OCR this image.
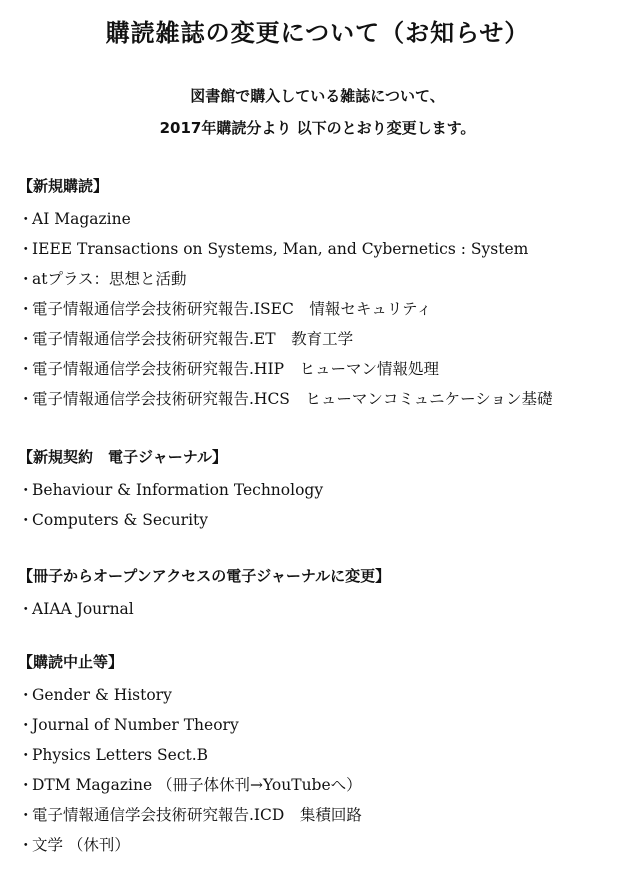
購読雑誌の変更について（お知らせ）
図書館で購入している雑誌について、
2017年購読分より 以下のとおり変更します。
【新規購読】
・
AI Magazine
・
IEEE Transactions on Systems, Man, and Cybernetics : System
・
atプラス：思想と活動
・
電子情報通信学会技術研究報告.ISEC　情報セキュリティ
・
電子情報通信学会技術研究報告.ET　教育工学
・
電子情報通信学会技術研究報告.HIP　ヒューマン情報処理
・
電子情報通信学会技術研究報告.HCS　ヒューマンコミュニケーション基礎
【新規契約　電子ジャーナル】
・
Behaviour & Information Technology
・
Computers & Security
【冊子からオープンアクセスの電子ジャーナルに変更】
・
AIAA Journal
【購読中止等】
・
Gender & History
・
Journal of Number Theory
・
Physics Letters Sect.B
・
DTM Magazine （冊子体休刊→YouTubeへ）
・
電子情報通信学会技術研究報告.ICD　集積回路
・
文学 （休刊）
